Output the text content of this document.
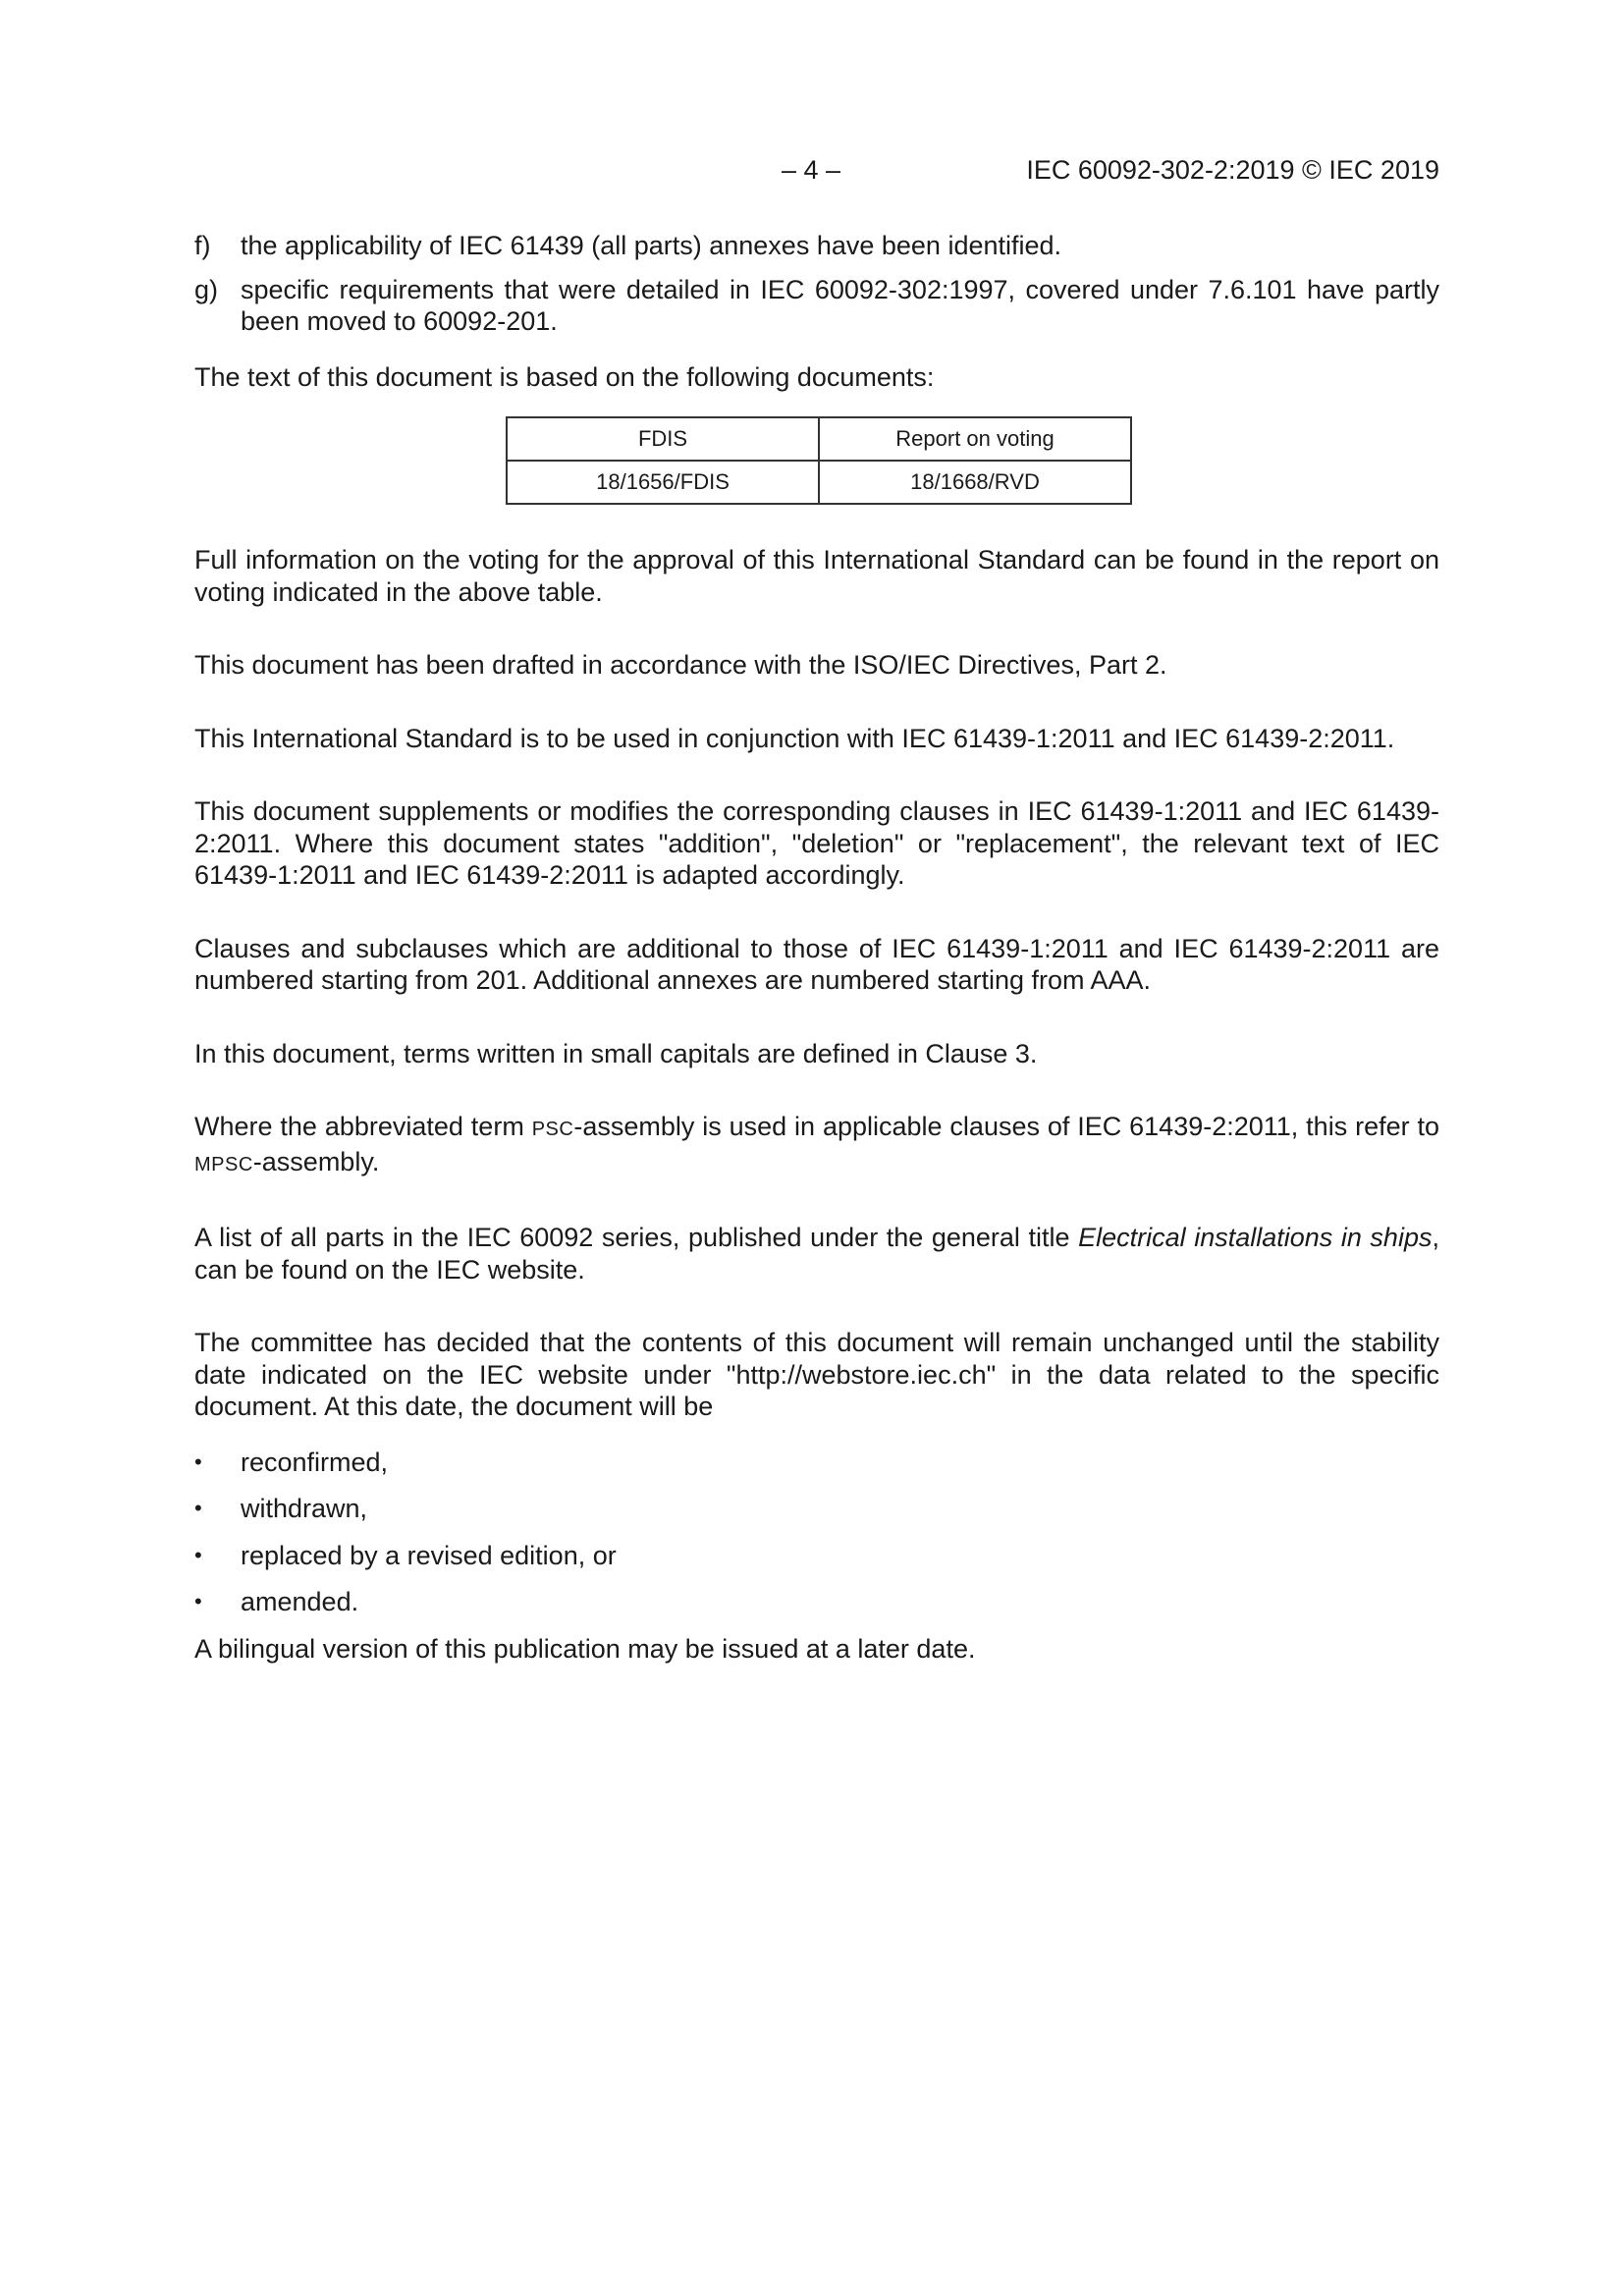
– 4 –	IEC 60092-302-2:2019 © IEC 2019
f)	the applicability of IEC 61439 (all parts) annexes have been identified.
g) specific requirements that were detailed in IEC 60092-302:1997, covered under 7.6.101 have partly been moved to 60092-201.

The text of this document is based on the following documents:

FDIS	Report on voting
18/1656/FDIS	18/1668/RVD

Full information on the voting for the approval of this International Standard can be found in the report on voting indicated in the above table.

This document has been drafted in accordance with the ISO/IEC Directives, Part 2.

This International Standard is to be used in conjunction with IEC 61439-1:2011 and IEC 61439-2:2011.

This document supplements or modifies the corresponding clauses in IEC 61439-1:2011 and IEC 61439-2:2011. Where this document states "addition", "deletion" or "replacement", the relevant text of IEC 61439-1:2011 and IEC 61439-2:2011 is adapted accordingly.

Clauses and subclauses which are additional to those of IEC 61439-1:2011 and IEC 61439-2:2011 are numbered starting from 201. Additional annexes are numbered starting from AAA.

In this document, terms written in small capitals are defined in Clause 3.

Where the abbreviated term PSC-assembly is used in applicable clauses of IEC 61439-2:2011, this refer to MPSC-assembly.

A list of all parts in the IEC 60092 series, published under the general title Electrical installations in ships, can be found on the IEC website.

The committee has decided that the contents of this document will remain unchanged until the stability date indicated on the IEC website under "http://webstore.iec.ch" in the data related to the specific document. At this date, the document will be

•	reconfirmed,
•	withdrawn,
•	replaced by a revised edition, or
•	amended.

A bilingual version of this publication may be issued at a later date.
